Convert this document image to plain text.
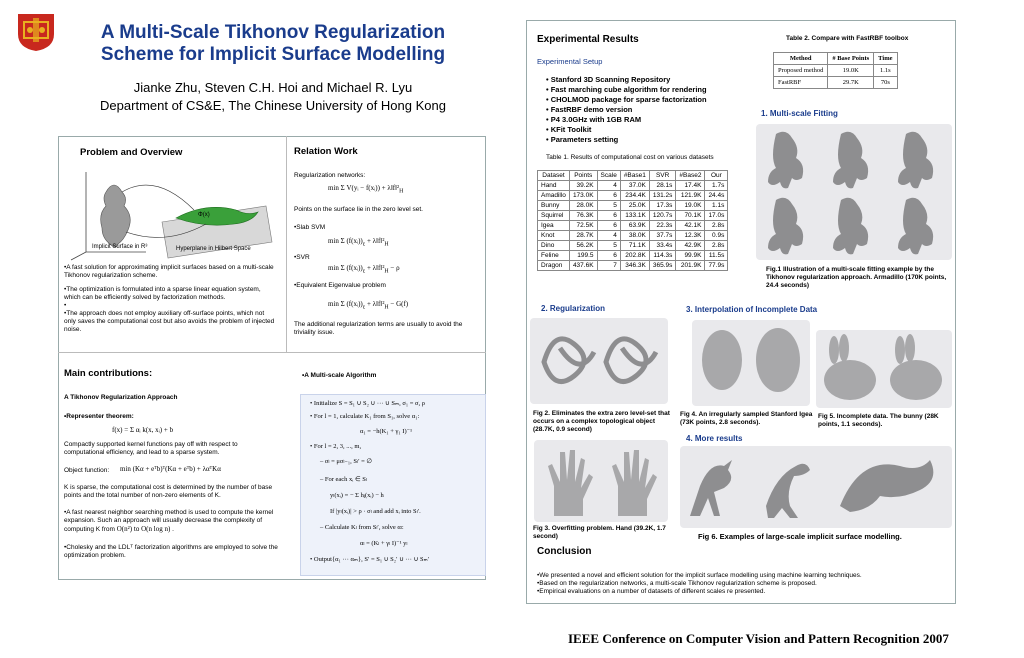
A Multi-Scale Tikhonov Regularization
Scheme for Implicit Surface Modelling
Jianke Zhu, Steven C.H. Hoi and Michael R. Lyu
Department of CS&E, The Chinese University of Hong Kong
Problem and Overview
Implicit Surface in R³	Hyperplane in Hilbert Space
Φ(x)
•A fast solution for approximating implicit surfaces based on a multi-scale Tikhonov regularization scheme.
•The optimization is formulated into a sparse linear equation system, which can be efficiently solved by factorization methods.
•
•The approach does not employ auxiliary off-surface points, which not only saves the computational cost but also avoids the problem of injected noise.
Relation Work
Regularization networks:
min Σ V(yᵢ − f(xᵢ)) + $\lambda‖f‖^2_H$
Points on the surface lie in the zero level set.
•Slab SVM
min Σ $(f(xᵢ))_\varepsilon$ + $\lambda‖f‖^2_H$
•SVR
min Σ $(f(xᵢ))_\varepsilon$ + $\lambda‖f‖^2_H - \rho$
•Equivalent Eigenvalue problem
min Σ $(f(xᵢ))_\varepsilon$ + $\lambda‖f‖^2_H - G(f)$
The additional regularization terms are usually to avoid the triviality issue.
Main contributions:
A Tikhonov Regularization Approach
•Representer theorem:
f(x) = Σ αᵢ k(x, xᵢ) + b
Compactly supported kernel functions pay off with respect to computational efficiency, and lead to a sparse system.
Object function: min (Kα + eᵀb)ᵀ(Kα + eᵀb) + λαᵀKα
K is sparse, the computational cost is determined by the number of base points and the total number of non-zero elements of K.
•A fast nearest neighbor searching method is used to compute the kernel expansion. Such an approach will usually decrease the complexity of computing K from O(n²) to O(n log n) .
•Cholesky and the LDLᵀ factorization algorithms are employed to solve the optimization problem.
•A Multi-scale Algorithm
• Initialize S = S₁ ∪ S₂ ∪ ··· ∪ Sₘ, σ₁ = σ, ρ
• For l = 1, calculate K₁ from S₁, solve α₁:
α₁ = −h(K₁ + γ₁ I)⁻¹
• For l = 2, 3, ..., m,
– σₗ = μσₗ₋₁, Sₗ′ = ∅
– For each xᵢ ∈ Sₗ
yₗ(xᵢ) = − Σ hⱼ(xᵢ) − h
If |yₗ(xᵢ)| > ρ · σₗ and add xᵢ into Sₗ′.
– Calculate Kₗ from Sₗ′, solve αₗ:
αₗ = (Kₗ + γₗ I)⁻¹ yₗ
• Output{α₁ ··· αₘ}, S′ = S₁ ∪ S₂′ ∪ ··· ∪ Sₘ′
Experimental Results
Experimental Setup
• Stanford 3D Scanning Repository
• Fast marching cube algorithm for rendering
• CHOLMOD package for sparse factorization
• FastRBF demo version
• P4 3.0GHz with 1GB RAM
• KFit Toolkit
• Parameters setting
Table 1. Results of computational cost on various datasets
Dataset	Points	Scale	#Base1	SVR	#Base2	Our
Hand	39.2K	4	37.0K	28.1s	17.4K	1.7s
Amadillo	173.0K	6	234.4K	131.2s	121.9K	24.4s
Bunny	28.0K	5	25.0K	17.3s	19.0K	1.1s
Squirrel	76.3K	6	133.1K	120.7s	70.1K	17.0s
Igea	72.5K	6	63.9K	22.3s	42.1K	2.8s
Knot	28.7K	4	38.0K	37.7s	12.3K	0.9s
Dino	56.2K	5	71.1K	33.4s	42.9K	2.8s
Feline	199.5	6	202.8K	114.3s	99.9K	11.5s
Dragon	437.6K	7	346.3K	365.9s	201.9K	77.9s
Table 2. Compare with FastRBF toolbox
Method	# Base Points	Time
Proposed method	19.0K	1.1s
FastRBF	29.7K	70s
1. Multi-scale Fitting
Fig.1 Illustration of a multi-scale fitting example by the Tikhonov regularization approach. Armadillo (170K points, 24.4 seconds)
2. Regularization	3. Interpolation of Incomplete Data
Fig 2. Eliminates the extra zero level-set that occurs on a complex topological object (28.7K, 0.9 second)
Fig 4. An irregularly sampled Stanford Igea (73K points, 2.8 seconds).
Fig 5. Incomplete data. The bunny (28K points, 1.1 seconds).
Fig 3. Overfitting problem. Hand (39.2K, 1.7 second)
4. More results
Fig 6. Examples of large-scale implicit surface modelling.
Conclusion
•We presented a novel and efficient solution for the implicit surface modelling using machine learning techniques.
•Based on the regularization networks, a multi-scale Tikhonov regularization scheme is proposed.
•Empirical evaluations on a number of datasets of different scales re presented.
IEEE Conference on Computer Vision and Pattern Recognition 2007
